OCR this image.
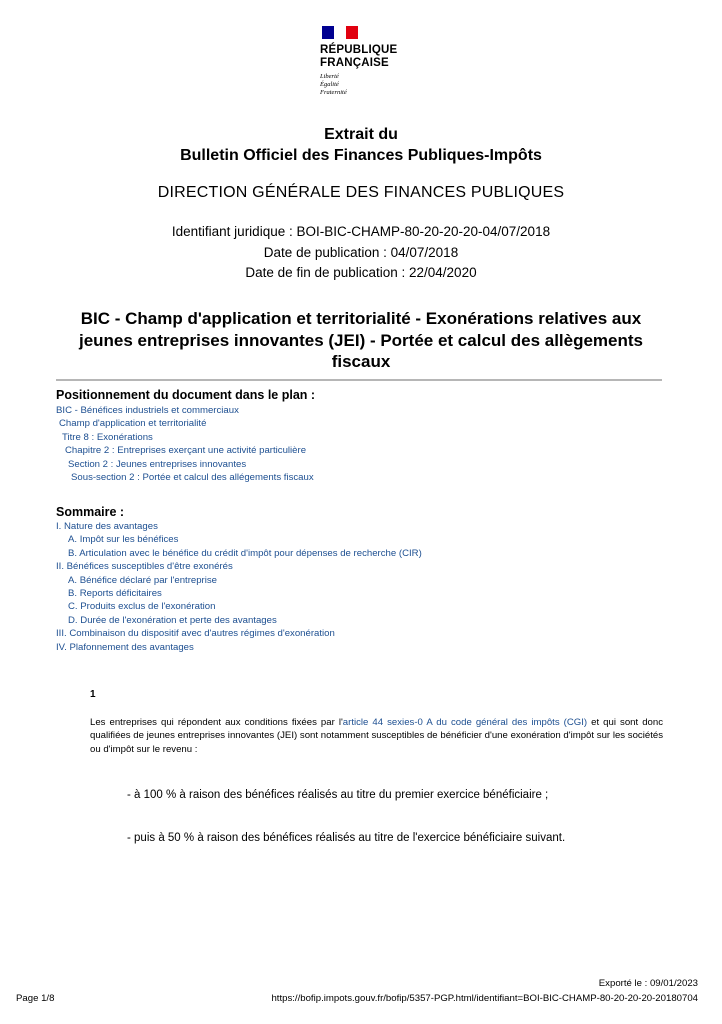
RÉPUBLIQUE
FRANÇAISE
Liberté
Égalité
Fraternité
Extrait du
Bulletin Officiel des Finances Publiques-Impôts
DIRECTION GÉNÉRALE DES FINANCES PUBLIQUES
Identifiant juridique : BOI-BIC-CHAMP-80-20-20-20-04/07/2018
Date de publication : 04/07/2018
Date de fin de publication : 22/04/2020
BIC - Champ d'application et territorialité - Exonérations relatives aux jeunes entreprises innovantes (JEI) - Portée et calcul des allègements fiscaux
Positionnement du document dans le plan :
BIC - Bénéfices industriels et commerciaux
Champ d'application et territorialité
Titre 8 : Exonérations
Chapitre 2 : Entreprises exerçant une activité particulière
Section 2 : Jeunes entreprises innovantes
Sous-section 2 : Portée et calcul des allégements fiscaux
Sommaire :
I. Nature des avantages
A. Impôt sur les bénéfices
B. Articulation avec le bénéfice du crédit d'impôt pour dépenses de recherche (CIR)
II. Bénéfices susceptibles d'être exonérés
A. Bénéfice déclaré par l'entreprise
B. Reports déficitaires
C. Produits exclus de l'exonération
D. Durée de l'exonération et perte des avantages
III. Combinaison du dispositif avec d'autres régimes d'exonération
IV. Plafonnement des avantages
1
Les entreprises qui répondent aux conditions fixées par l'article 44 sexies-0 A du code général des impôts (CGI) et qui sont donc qualifiées de jeunes entreprises innovantes (JEI) sont notamment susceptibles de bénéficier d'une exonération d'impôt sur les sociétés ou d'impôt sur le revenu :
- à 100 % à raison des bénéfices réalisés au titre du premier exercice bénéficiaire ;
- puis à 50 % à raison des bénéfices réalisés au titre de l'exercice bénéficiaire suivant.
Exporté le : 09/01/2023
Page 1/8	https://bofip.impots.gouv.fr/bofip/5357-PGP.html/identifiant=BOI-BIC-CHAMP-80-20-20-20-20180704
